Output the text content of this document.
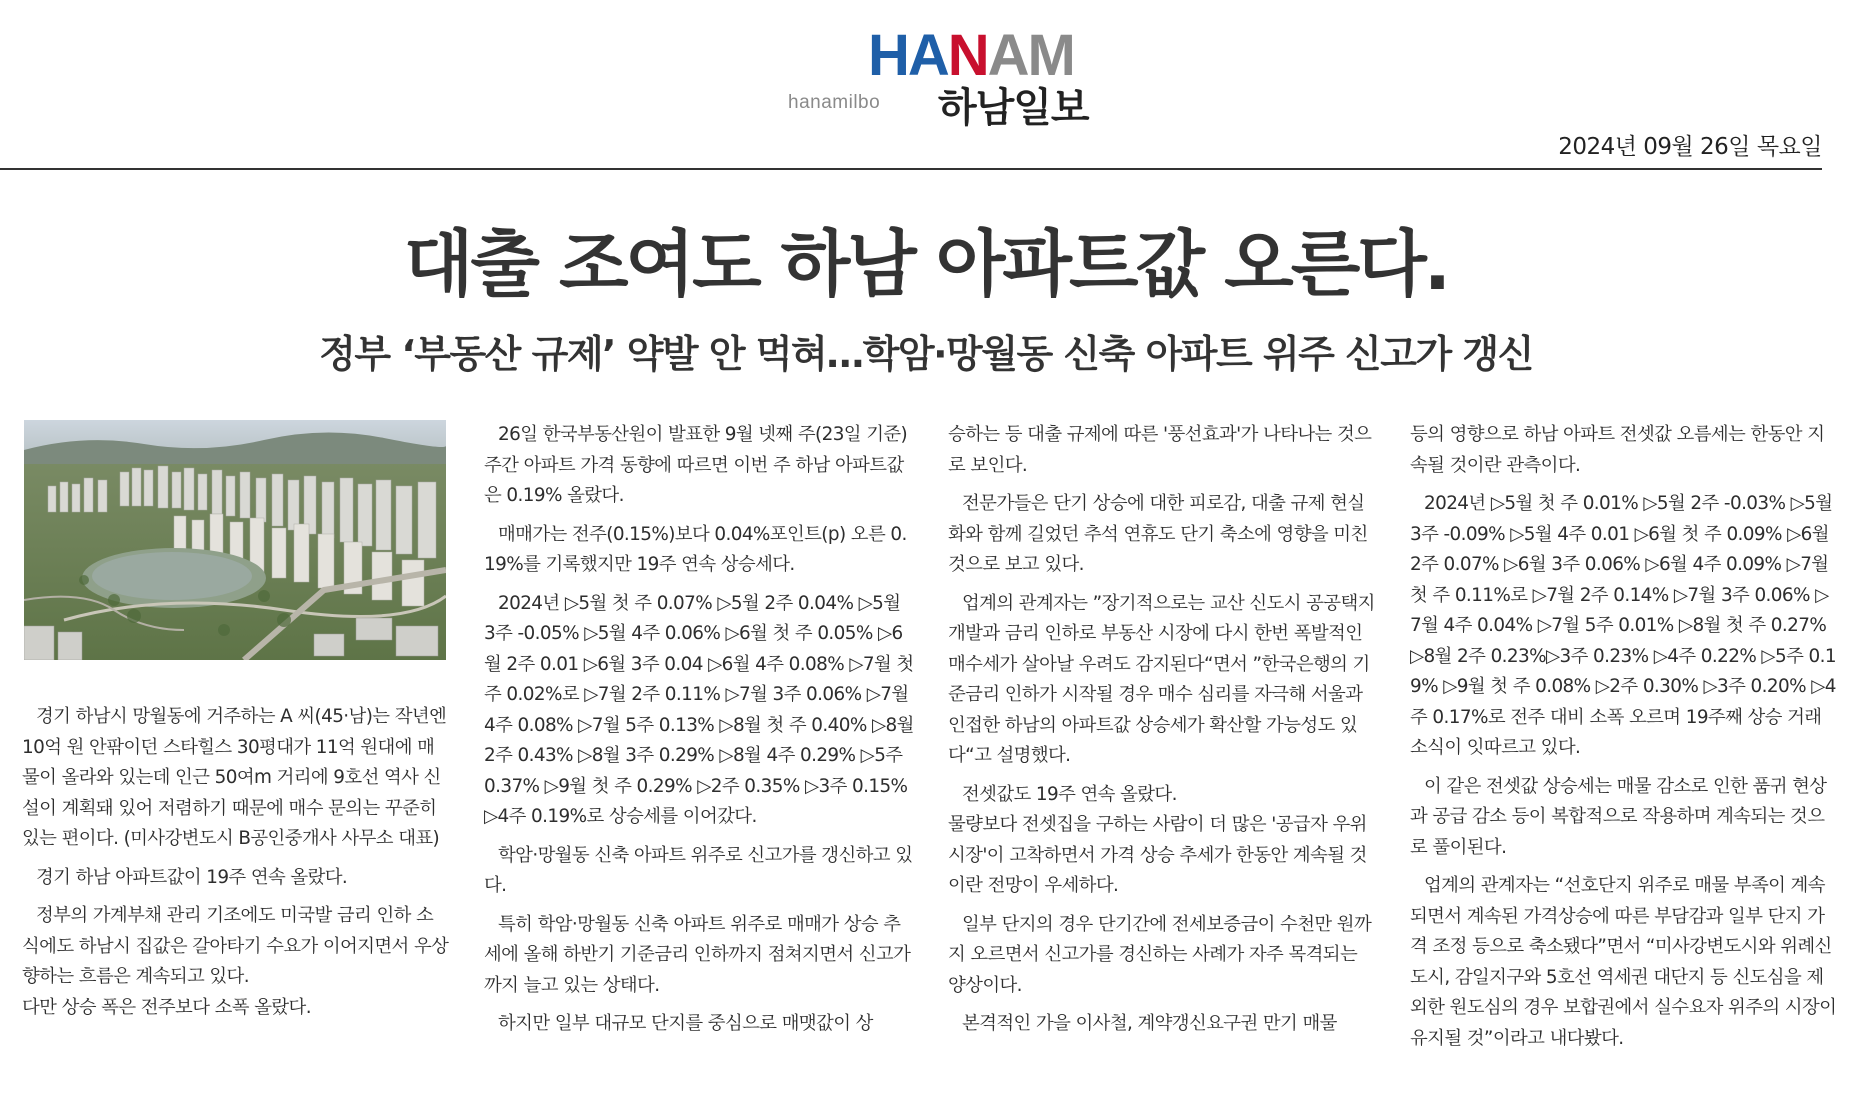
HA N AM
hanamilbo 하남일보
2024년 09월 26일 목요일
대출 조여도 하남 아파트값 오른다.
정부 ‘부동산 규제’ 약발 안 먹혀…학암·망월동 신축 아파트 위주 신고가 갱신

경기 하남시 망월동에 거주하는 A 씨(45·남)는 작년엔 10억 원 안팎이던 스타힐스 30평대가 11억 원대에 매물이 올라와 있는데 인근 50여m 거리에 9호선 역사 신설이 계획돼 있어 저렴하기 때문에 매수 문의는 꾸준히 있는 편이다. (미사강변도시 B공인중개사 사무소 대표)

경기 하남 아파트값이 19주 연속 올랐다.

정부의 가계부채 관리 기조에도 미국발 금리 인하 소식에도 하남시 집값은 갈아타기 수요가 이어지면서 우상향하는 흐름은 계속되고 있다.

다만 상승 폭은 전주보다 소폭 올랐다.

26일 한국부동산원이 발표한 9월 넷째 주(23일 기준) 주간 아파트 가격 동향에 따르면 이번 주 하남 아파트값은 0.19% 올랐다.

매매가는 전주(0.15%)보다 0.04%포인트(p) 오른 0.19%를 기록했지만 19주 연속 상승세다.

2024년 ▷5월 첫 주 0.07% ▷5월 2주 0.04% ▷5월 3주 -0.05% ▷5월 4주 0.06% ▷6월 첫 주 0.05% ▷6월 2주 0.01 ▷6월 3주 0.04 ▷6월 4주 0.08% ▷7월 첫 주 0.02%로 ▷7월 2주 0.11% ▷7월 3주 0.06% ▷7월 4주 0.08% ▷7월 5주 0.13% ▷8월 첫 주 0.40% ▷8월 2주 0.43% ▷8월 3주 0.29% ▷8월 4주 0.29% ▷5주 0.37% ▷9월 첫 주 0.29% ▷2주 0.35% ▷3주 0.15% ▷4주 0.19%로 상승세를 이어갔다.

학암·망월동 신축 아파트 위주로 신고가를 갱신하고 있다.

특히 학암·망월동 신축 아파트 위주로 매매가 상승 추세에 올해 하반기 기준금리 인하까지 점쳐지면서 신고가까지 늘고 있는 상태다.

하지만 일부 대규모 단지를 중심으로 매맷값이 상

승하는 등 대출 규제에 따른 '풍선효과'가 나타나는 것으로 보인다.

전문가들은 단기 상승에 대한 피로감, 대출 규제 현실화와 함께 길었던 추석 연휴도 단기 축소에 영향을 미친 것으로 보고 있다.

업계의 관계자는 ”장기적으로는 교산 신도시 공공택지개발과 금리 인하로 부동산 시장에 다시 한번 폭발적인 매수세가 살아날 우려도 감지된다“면서 ”한국은행의 기준금리 인하가 시작될 경우 매수 심리를 자극해 서울과 인접한 하남의 아파트값 상승세가 확산할 가능성도 있다“고 설명했다.

전셋값도 19주 연속 올랐다.

물량보다 전셋집을 구하는 사람이 더 많은 '공급자 우위 시장'이 고착하면서 가격 상승 추세가 한동안 계속될 것이란 전망이 우세하다.

일부 단지의 경우 단기간에 전세보증금이 수천만 원까지 오르면서 신고가를 경신하는 사례가 자주 목격되는 양상이다.

본격적인 가을 이사철, 계약갱신요구권 만기 매물

등의 영향으로 하남 아파트 전셋값 오름세는 한동안 지속될 것이란 관측이다.

2024년 ▷5월 첫 주 0.01% ▷5월 2주 -0.03% ▷5월 3주 -0.09% ▷5월 4주 0.01 ▷6월 첫 주 0.09% ▷6월 2주 0.07% ▷6월 3주 0.06% ▷6월 4주 0.09% ▷7월 첫 주 0.11%로 ▷7월 2주 0.14% ▷7월 3주 0.06% ▷7월 4주 0.04% ▷7월 5주 0.01% ▷8월 첫 주 0.27% ▷8월 2주 0.23%▷3주 0.23% ▷4주 0.22% ▷5주 0.19% ▷9월 첫 주 0.08% ▷2주 0.30% ▷3주 0.20% ▷4주 0.17%로 전주 대비 소폭 오르며 19주째 상승 거래 소식이 잇따르고 있다.

이 같은 전셋값 상승세는 매물 감소로 인한 품귀 현상과 공급 감소 등이 복합적으로 작용하며 계속되는 것으로 풀이된다.

업계의 관계자는 “선호단지 위주로 매물 부족이 계속되면서 계속된 가격상승에 따른 부담감과 일부 단지 가격 조정 등으로 축소됐다”면서 “미사강변도시와 위례신도시, 감일지구와 5호선 역세권 대단지 등 신도심을 제외한 원도심의 경우 보합권에서 실수요자 위주의 시장이 유지될 것”이라고 내다봤다.
